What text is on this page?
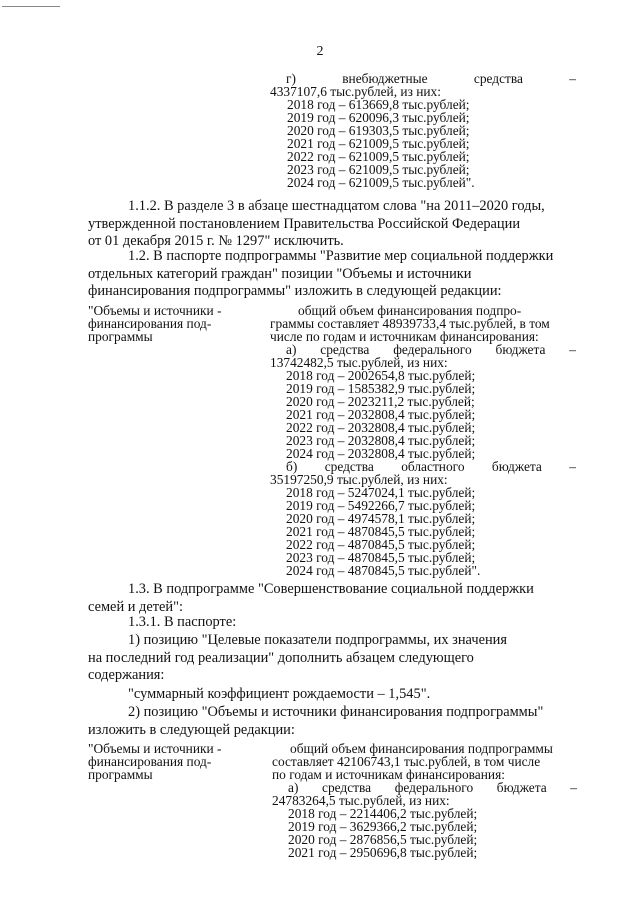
2
г)	внебюджетные	средства	–
4337107,6 тыс.рублей, из них:
2018 год – 613669,8 тыс.рублей;
2019 год – 620096,3 тыс.рублей;
2020 год – 619303,5 тыс.рублей;
2021 год – 621009,5 тыс.рублей;
2022 год – 621009,5 тыс.рублей;
2023 год – 621009,5 тыс.рублей;
2024 год – 621009,5 тыс.рублей".
1.1.2. В разделе 3 в абзаце шестнадцатом слова "на 2011–2020 годы,
утвержденной постановлением Правительства Российской Федерации
от 01 декабря 2015 г. № 1297" исключить.
1.2. В паспорте подпрограммы "Развитие мер социальной поддержки
отдельных категорий граждан" позиции "Объемы и источники
финансирования подпрограммы" изложить в следующей редакции:
"Объемы и источники - финансирования под- программы
общий объем финансирования подпро-
граммы составляет 48939733,4 тыс.рублей, в том
числе по годам и источникам финансирования:
а) средства федерального бюджета –
13742482,5 тыс.рублей, из них:
2018 год – 2002654,8 тыс.рублей;
2019 год – 1585382,9 тыс.рублей;
2020 год – 2023211,2 тыс.рублей;
2021 год – 2032808,4 тыс.рублей;
2022 год – 2032808,4 тыс.рублей;
2023 год – 2032808,4 тыс.рублей;
2024 год – 2032808,4 тыс.рублей;
б) средства областного бюджета –
35197250,9 тыс.рублей, из них:
2018 год – 5247024,1 тыс.рублей;
2019 год – 5492266,7 тыс.рублей;
2020 год – 4974578,1 тыс.рублей;
2021 год – 4870845,5 тыс.рублей;
2022 год – 4870845,5 тыс.рублей;
2023 год – 4870845,5 тыс.рублей;
2024 год – 4870845,5 тыс.рублей".
1.3. В подпрограмме "Совершенствование социальной поддержки
семей и детей":
1.3.1. В паспорте:
1) позицию "Целевые показатели подпрограммы, их значения
на последний год реализации" дополнить абзацем следующего
содержания:
"суммарный коэффициент рождаемости – 1,545".
2) позицию "Объемы и источники финансирования подпрограммы"
изложить в следующей редакции:
"Объемы и источники - финансирования под- программы
общий объем финансирования подпрограммы
составляет 42106743,1 тыс.рублей, в том числе
по годам и источникам финансирования:
а) средства федерального бюджета –
24783264,5 тыс.рублей, из них:
2018 год – 2214406,2 тыс.рублей;
2019 год – 3629366,2 тыс.рублей;
2020 год – 2876856,5 тыс.рублей;
2021 год – 2950696,8 тыс.рублей;
